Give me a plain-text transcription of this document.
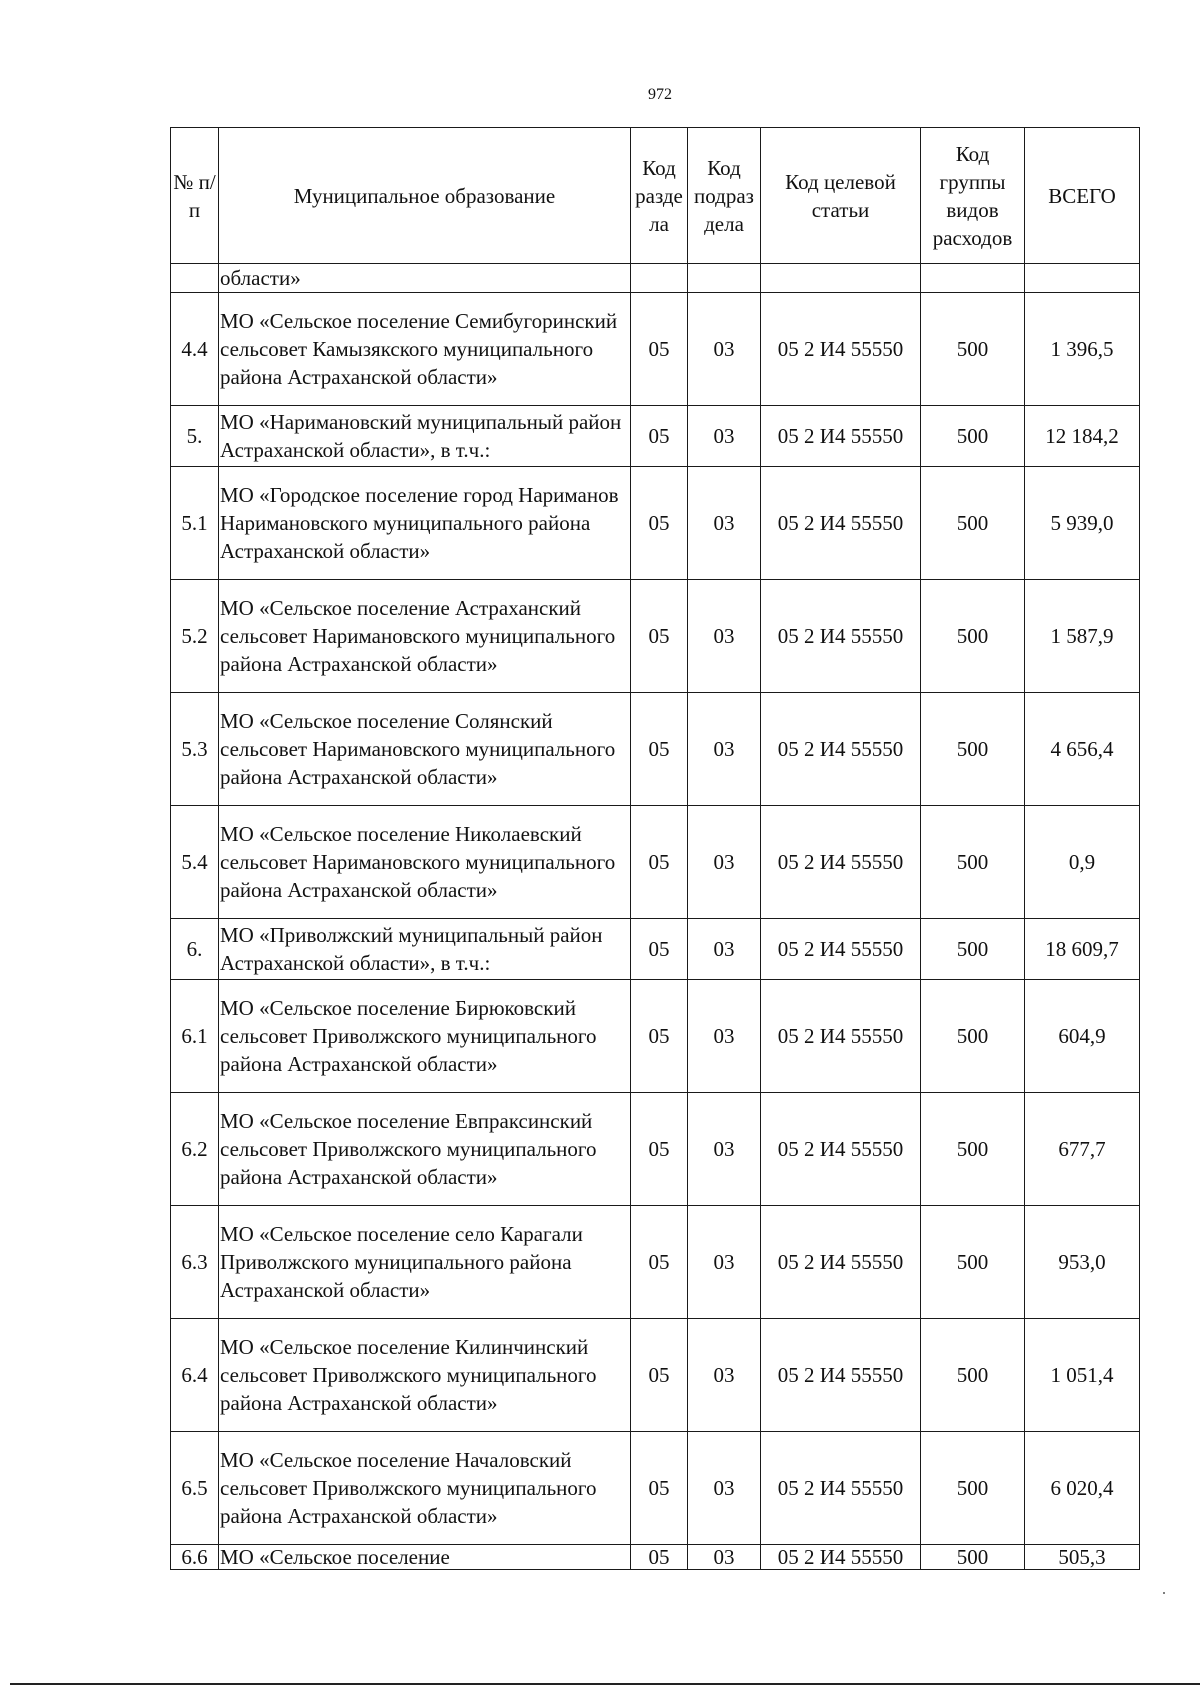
972
№ п/п	Муниципальное образование	Код разде ла	Код подраз дела	Код целевой статьи	Код группы видов расходов	ВСЕГО
	области»					
4.4	МО «Сельское поселение Семибугоринский сельсовет Камызякского муниципального района Астраханской области»	05	03	05 2 И4 55550	500	1 396,5
5.	МО «Наримановский муниципальный район Астраханской области», в т.ч.:	05	03	05 2 И4 55550	500	12 184,2
5.1	МО «Городское поселение город Нариманов Наримановского муниципального района Астраханской области»	05	03	05 2 И4 55550	500	5 939,0
5.2	МО «Сельское поселение Астраханский сельсовет Наримановского муниципального района Астраханской области»	05	03	05 2 И4 55550	500	1 587,9
5.3	МО «Сельское поселение Солянский сельсовет Наримановского муниципального района Астраханской области»	05	03	05 2 И4 55550	500	4 656,4
5.4	МО «Сельское поселение Николаевский сельсовет Наримановского муниципального района Астраханской области»	05	03	05 2 И4 55550	500	0,9
6.	МО «Приволжский муниципальный район Астраханской области», в т.ч.:	05	03	05 2 И4 55550	500	18 609,7
6.1	МО «Сельское поселение Бирюковский сельсовет Приволжского муниципального района Астраханской области»	05	03	05 2 И4 55550	500	604,9
6.2	МО «Сельское поселение Евпраксинский сельсовет Приволжского муниципального района Астраханской области»	05	03	05 2 И4 55550	500	677,7
6.3	МО «Сельское поселение село Карагали Приволжского муниципального района Астраханской области»	05	03	05 2 И4 55550	500	953,0
6.4	МО «Сельское поселение Килинчинский сельсовет Приволжского муниципального района Астраханской области»	05	03	05 2 И4 55550	500	1 051,4
6.5	МО «Сельское поселение Началовский сельсовет Приволжского муниципального района Астраханской области»	05	03	05 2 И4 55550	500	6 020,4
6.6	МО «Сельское поселение	05	03	05 2 И4 55550	500	505,3
